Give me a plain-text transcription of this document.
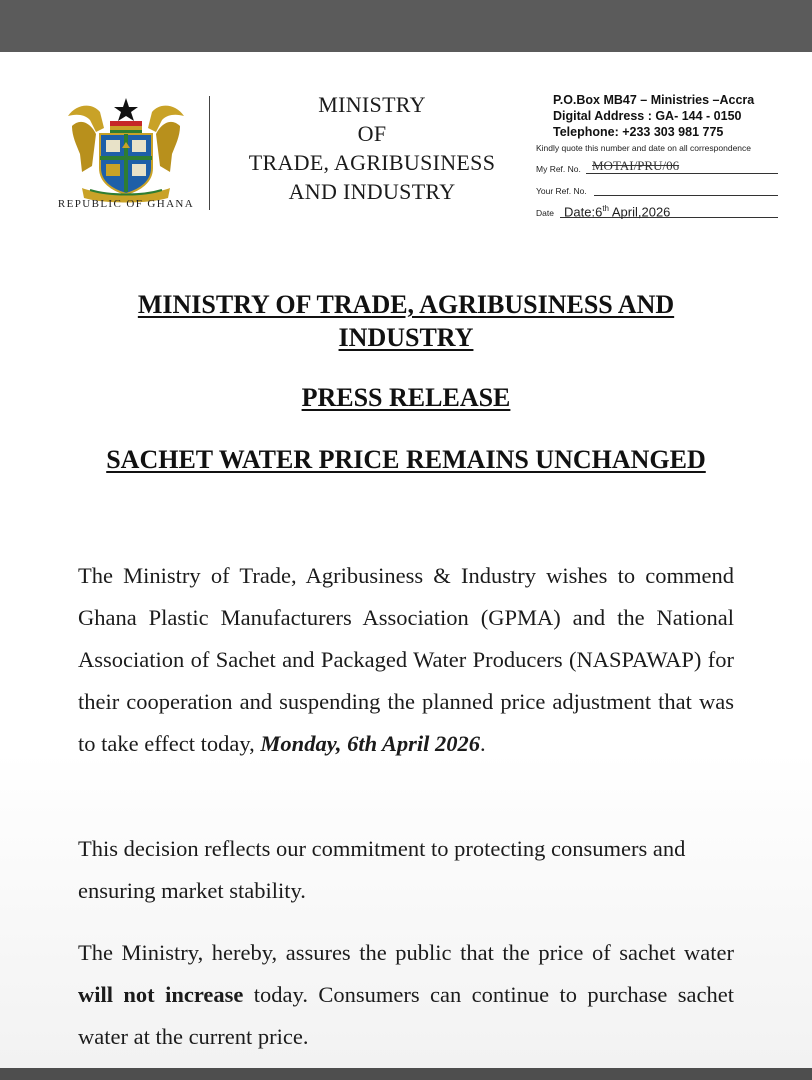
REPUBLIC OF GHANA
MINISTRY
OF
TRADE, AGRIBUSINESS
AND INDUSTRY
P.O.Box MB47 – Ministries –Accra
Digital Address : GA- 144 - 0150
Telephone: +233 303 981 775
Kindly quote this number and date on all correspondence
My Ref. No. MOTAI/PRU/06
Your Ref. No.
Date Date:6th April,2026
MINISTRY OF TRADE, AGRIBUSINESS AND
INDUSTRY
PRESS RELEASE
SACHET WATER PRICE REMAINS UNCHANGED
The Ministry of Trade, Agribusiness & Industry wishes to commend Ghana Plastic Manufacturers Association (GPMA) and the National Association of Sachet and Packaged Water Producers (NASPAWAP) for their cooperation and suspending the planned price adjustment that was to take effect today, Monday, 6th April 2026.
This decision reflects our commitment to protecting consumers and ensuring market stability.
The Ministry, hereby, assures the public that the price of sachet water will not increase today. Consumers can continue to purchase sachet water at the current price.
